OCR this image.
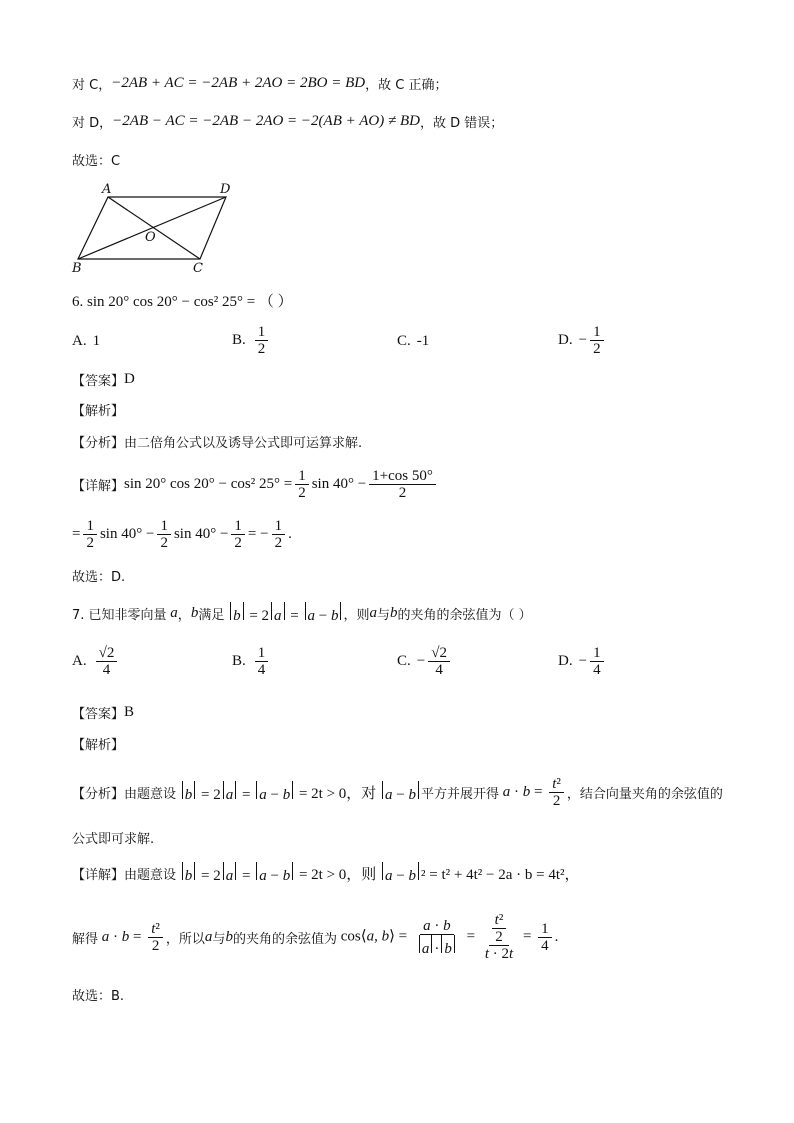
对 C， −2AB + AC = −2AB + 2AO = 2BO = BD ，故 C 正确；
对 D， −2AB − AC = −2AB − 2AO = −2(AB + AO) ≠ BD ，故 D 错误；
故选：C
A	D
O
B	C
6. sin 20° cos 20° − cos² 25° = （ ）
A. 1	B. $\frac{1}{2}$	C. -1	D. − $\frac{1}{2}$
【答案】 D
【解析】
【分析】 由二倍角公式以及诱导公式即可运算求解.
【详解】 sin 20° cos 20° − cos² $25^\circ = \frac{1}{2}$ $\sin 40^\circ - \frac{1+\cos 50^\circ}{2}$
= $\frac{1}{2}$ $\sin 40^\circ - \frac{1}{2}$ $\sin 40^\circ - \frac{1}{2}$ = − $\frac{1}{2}$ .
故选：D.
7. 已知非零向量 a ， b 满足 b = 2 a = a − b ，则 a 与 b 的夹角的余弦值为（ ）
A. $\frac{√2}{4}$	B. $\frac{1}{4}$	C. − $\frac{√2}{4}$	D. − $\frac{1}{4}$
【答案】 B
【解析】
【分析】 由题意设 b = 2 a = a − b = 2t > 0，对 a − b 平方并展开得 $a \cdot b = \frac{\text{t²}}{2}$ ，结合向量夹角的余弦值的
公式即可求解.
【详解】 由题意设 b = 2 a = a − b = 2t > 0，则 a − b ² = t² + 4t² − 2a · b = 4t²，
解得 $a \cdot b = \frac{\text{t²}}{2}$ ，所以 a 与 b 的夹角的余弦值为 cos⟨a, b⟩ = $\frac{a \cdot b}{a \cdot b} = \frac{\frac{\text{t²}}{2}}{t \cdot 2t} = \frac{1}{4}$ .
故选：B.
